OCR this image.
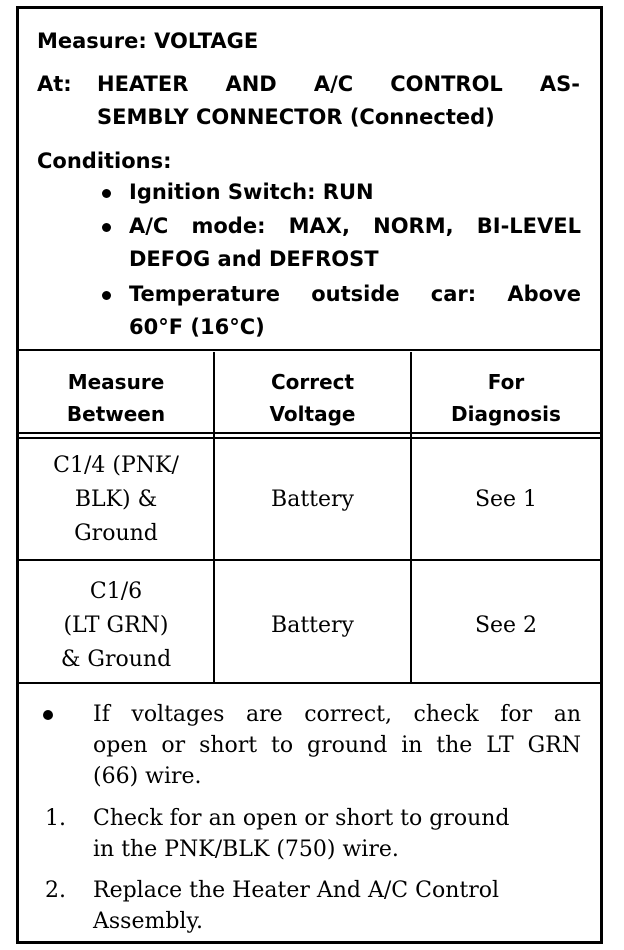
Measure: VOLTAGE
At: HEATER AND A/C CONTROL AS-
SEMBLY CONNECTOR (Connected)
Conditions:
Ignition Switch: RUN
A/C mode: MAX, NORM, BI-LEVEL
DEFOG and DEFROST
Temperature outside car: Above
60°F (16°C)
Measure
Between
Correct
Voltage
For
Diagnosis
C1/4 (PNK/
BLK) &
Ground
Battery	See 1
C1/6
(LT GRN)
& Ground
Battery	See 2
If voltages are correct, check for an
open or short to ground in the LT GRN
(66) wire.
1. Check for an open or short to ground
in the PNK/BLK (750) wire.
2. Replace the Heater And A/C Control
Assembly.
